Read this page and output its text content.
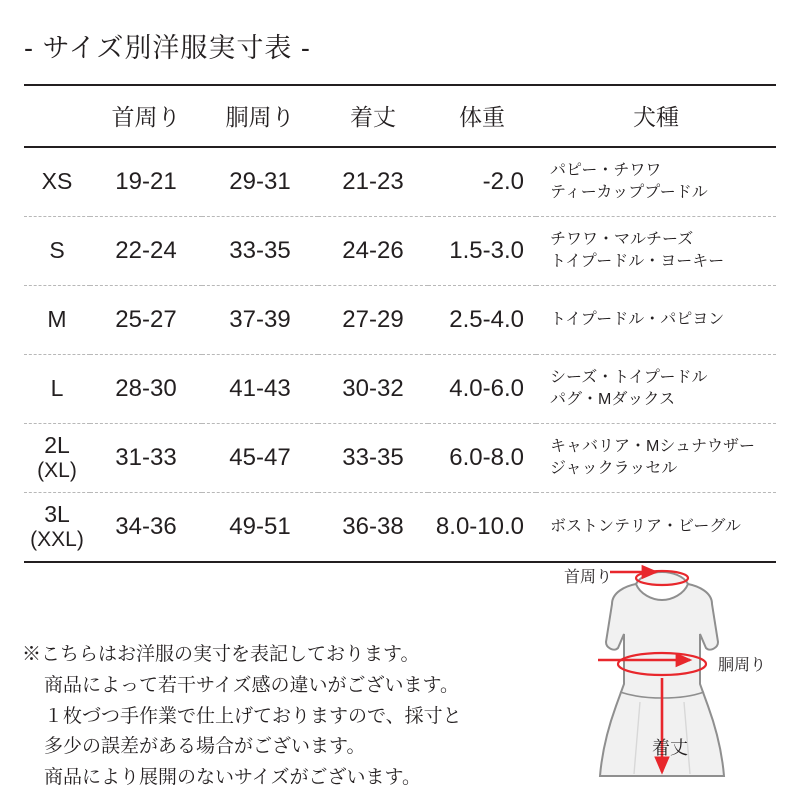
- サイズ別洋服実寸表 -
	首周り	胴周り	着丈	体重	犬種
XS	19-21	29-31	21-23	-2.0	パピー・チワワ
ティーカッププードル

S	22-24	33-35	24-26	1.5-3.0	チワワ・マルチーズ
トイプードル・ヨーキー

M	25-27	37-39	27-29	2.5-4.0	トイプードル・パピヨン

L	28-30	41-43	30-32	4.0-6.0	シーズ・トイプードル
パグ・Мダックス

2L
(XL)	31-33	45-47	33-35	6.0-8.0	キャバリア・Мシュナウザー
ジャックラッセル

3L
(XXL)	34-36	49-51	36-38	8.0-10.0	ボストンテリア・ビーグル
※こちらはお洋服の実寸を表記しております。
商品によって若干サイズ感の違いがございます。
１枚づつ手作業で仕上げておりますので、採寸と
多少の誤差がある場合がございます。
商品により展開のないサイズがございます。
首周り
胴周り
着丈
